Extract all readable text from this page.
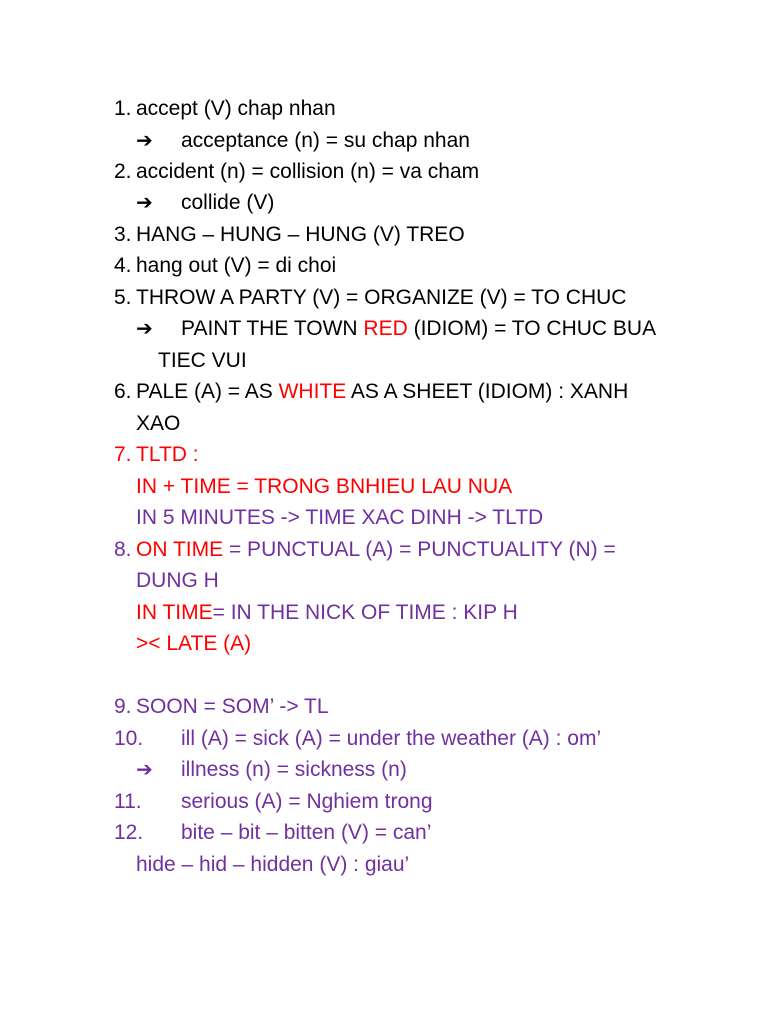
1. accept (V) chap nhan
➔ acceptance (n) = su chap nhan
2. accident (n) = collision (n) = va cham
➔ collide (V)
3. HANG – HUNG – HUNG (V) TREO
4. hang out (V) = di choi
5. THROW A PARTY (V) = ORGANIZE (V) = TO CHUC
➔ PAINT THE TOWN RED (IDIOM) = TO CHUC BUA
TIEC VUI
6. PALE (A) = AS WHITE AS A SHEET (IDIOM) : XANH
XAO
7. TLTD :
IN + TIME = TRONG BNHIEU LAU NUA
IN 5 MINUTES -> TIME XAC DINH -> TLTD
8. ON TIME = PUNCTUAL (A) = PUNCTUALITY (N) =
DUNG H
IN TIME= IN THE NICK OF TIME : KIP H
>< LATE (A)
9. SOON = SOM’ -> TL
10. ill (A) = sick (A) = under the weather (A) : om’
➔ illness (n) = sickness (n)
11. serious (A) = Nghiem trong
12. bite – bit – bitten (V) = can’
hide – hid – hidden (V) : giau’
